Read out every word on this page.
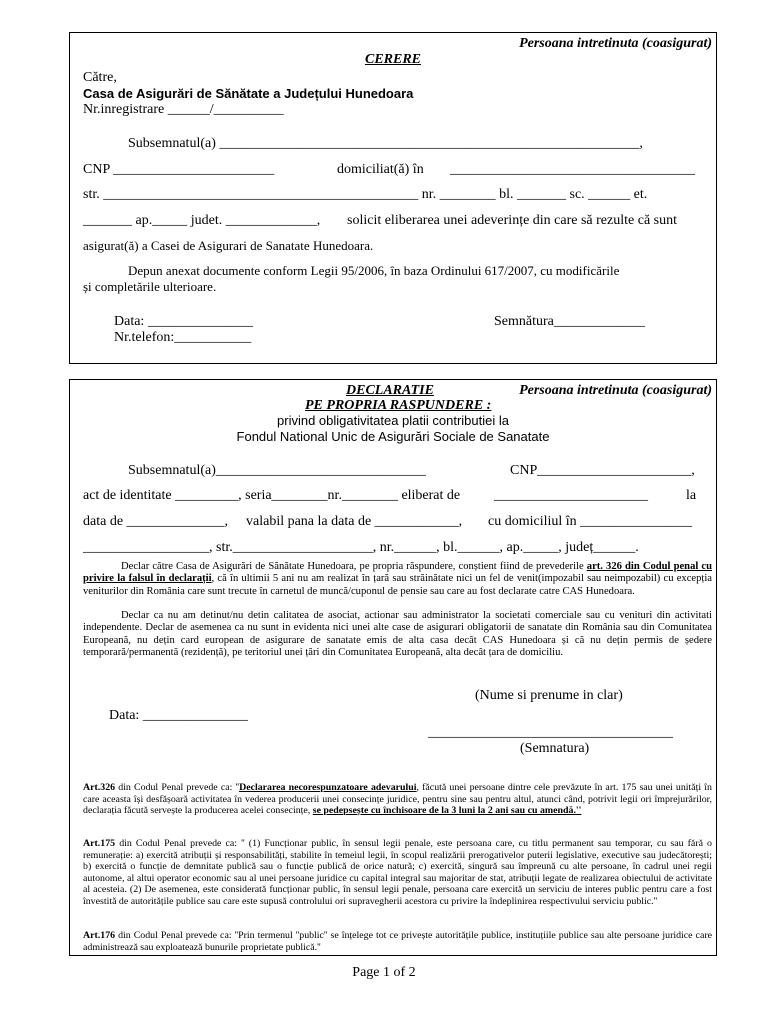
Persoana intretinuta (coasigurat)
CERERE
Către,
Casa de Asigurări de Sănătate a Județului Hunedoara
Nr.inregistrare ______/__________
Subsemnatul(a) ____________________________________________________________,
CNP _______________________	domiciliat(ă) în ___________________________________
str. _____________________________________________ nr. ________ bl. _______ sc. ______ et.
_______ ap._____ judet. _____________, solicit eliberarea unei adeverințe din care să rezulte că sunt
asigurat(ă) a Casei de Asigurari de Sanatate Hunedoara.
Depun anexat documente conform Legii 95/2006, în baza Ordinului 617/2007, cu modificările
și completările ulterioare.
Data: _______________	Semnătura_____________
Nr.telefon:___________
DECLARATIE	Persoana intretinuta (coasigurat)
PE PROPRIA RASPUNDERE :
privind obligativitatea platii contributiei la
Fondul National Unic de Asigurări Sociale de Sanatate
Subsemnatul(a)______________________________	CNP______________________,
act de identitate _________, seria________nr.________ eliberat de ______________________	la
data de ______________, valabil pana la data de ____________, cu domiciliul în ________________
__________________, str.____________________, nr.______, bl.______, ap._____, județ______.
Declar către Casa de Asigurări de Sănătate Hunedoara, pe propria răspundere, conștient fiind de prevederile art. 326 din Codul penal cu privire la falsul în declarații, că în ultimii 5 ani nu am realizat în țară sau străinătate nici un fel de venit(impozabil sau neimpozabil) cu excepția veniturilor din România care sunt trecute în carnetul de muncă/cuponul de pensie sau care au fost declarate catre CAS Hunedoara.
Declar ca nu am detinut/nu detin calitatea de asociat, actionar sau administrator la societati comerciale sau cu venituri din activitati independente. Declar de asemenea ca nu sunt in evidenta nici unei alte case de asigurari obligatorii de sanatate din România sau din Comunitatea Europeană, nu dețin card european de asigurare de sanatate emis de alta casa decât CAS Hunedoara și că nu dețin permis de ședere temporară/permanentă (rezidență), pe teritoriul unei țări din Comunitatea Europeană, alta decât țara de domiciliu.
(Nume si prenume in clar)
Data: _______________
___________________________________
(Semnatura)
Art.326 din Codul Penal prevede ca: ''Declararea necorespunzatoare adevarului, făcută unei persoane dintre cele prevăzute în art. 175 sau unei unități în care aceasta își desfășoară activitatea în vederea producerii unei consecințe juridice, pentru sine sau pentru altul, atunci când, potrivit legii ori împrejurărilor, declarația făcută servește la producerea acelei consecințe, se pedepsește cu închisoare de la 3 luni la 2 ani sau cu amendă.''
Art.175 din Codul Penal prevede ca: '' (1) Funcționar public, în sensul legii penale, este persoana care, cu titlu permanent sau temporar, cu sau fără o remunerație: a) exercită atribuții și responsabilități, stabilite în temeiul legii, în scopul realizării prerogativelor puterii legislative, executive sau judecătorești; b) exercită o funcție de demnitate publică sau o funcție publică de orice natură; c) exercită, singură sau împreună cu alte persoane, în cadrul unei regii autonome, al altui operator economic sau al unei persoane juridice cu capital integral sau majoritar de stat, atribuții legate de realizarea obiectului de activitate al acesteia. (2) De asemenea, este considerată funcționar public, în sensul legii penale, persoana care exercită un serviciu de interes public pentru care a fost învestită de autoritățile publice sau care este supusă controlului ori supravegherii acestora cu privire la îndeplinirea respectivului serviciu public.''
Art.176 din Codul Penal prevede ca: ''Prin termenul ''public'' se înțelege tot ce privește autoritățile publice, instituțiile publice sau alte persoane juridice care administrează sau exploatează bunurile proprietate publică.''
Page 1 of 2
